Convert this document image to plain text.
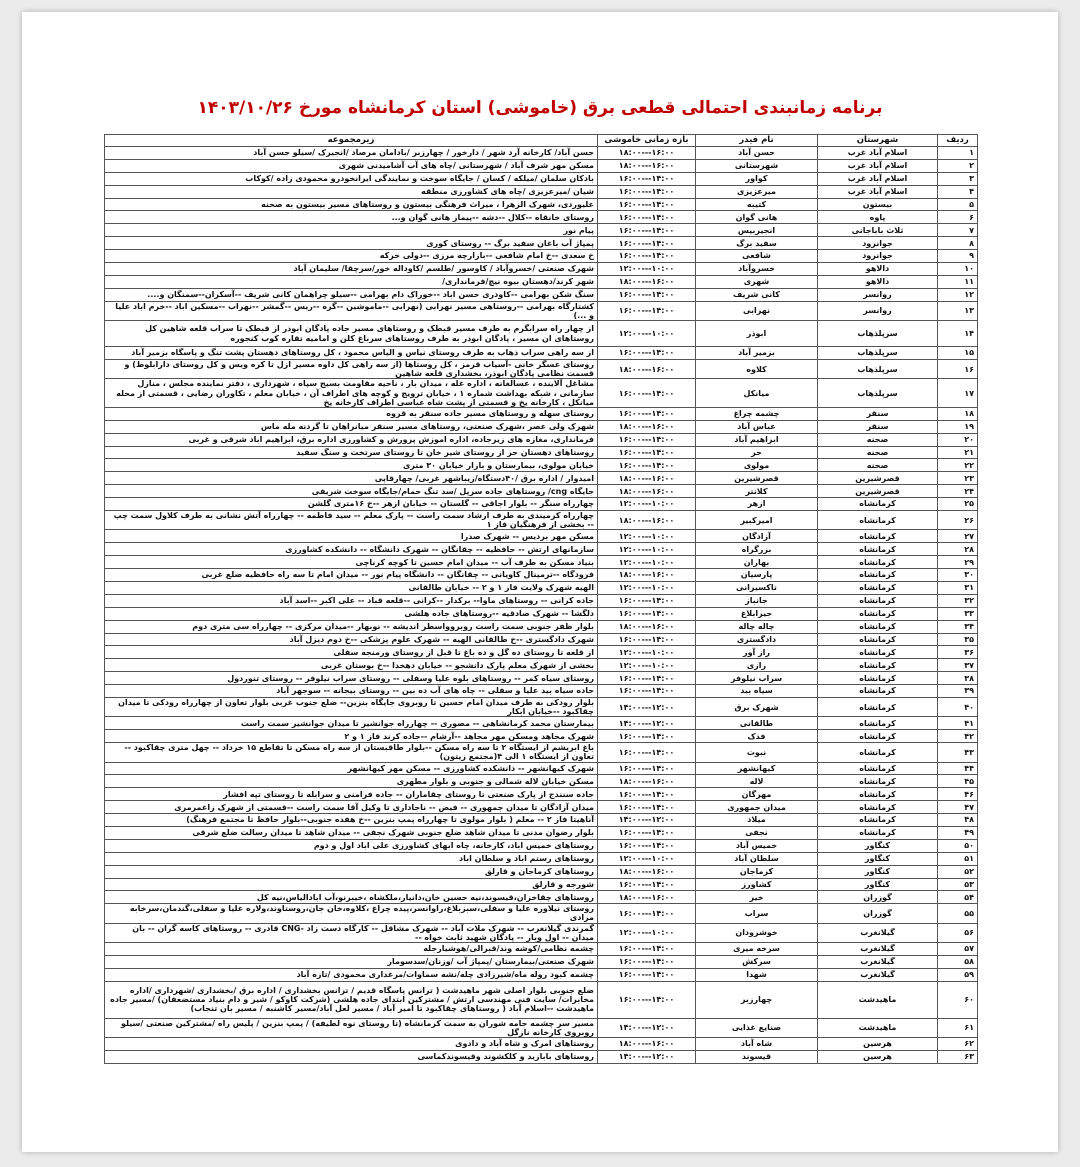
برنامه زمانبندی احتمالی قطعی برق (خاموشی) استان کرمانشاه مورخ ۱۴۰۳/۱۰/۲۶
ردیف	شهرستان	نام فیدر	بازه زمانی خاموشی	زیرمجموعه
۱	اسلام آباد غرب	حسن آباد	۱۶:۰۰---۱۸:۰۰	حسن آباد/ کارخانه آرد شهر / دارخور / چهارزبر /بادامان مرصاد /انجیرک /سیلو حسن آباد
۲	اسلام آباد غرب	شهرستانی	۱۶:۰۰---۱۸:۰۰	مسکن مهر شرف آباد / شهرستانی /چاه های آب آشامیدنی شهری
۳	اسلام آباد غرب	کواور	۱۴:۰۰---۱۶:۰۰	بادکان سلمان /میلکه / کسان / جایگاه سوخت و نمایندگی ایرانخودرو محمودی زاده /کوکاب
۴	اسلام آباد غرب	میرعزیزی	۱۴:۰۰---۱۶:۰۰	شیان /میرعزیزی /چاه های کشاورزی منطقه
۵	بیستون	کتیبه	۱۴:۰۰---۱۶:۰۰	علیوردی، شهرک الزهرا ، میراث فرهنگی بیستون و روستاهای مسیر بیستون به صحنه
۶	پاوه	هانی گوان	۱۴:۰۰---۱۶:۰۰	روستای خانقاه --کلال --دشه --پیماز هانی گوان و...
۷	ثلاث باباجانی	انجیربیس	۱۴:۰۰---۱۶:۰۰	پیام نور
۸	جوانرود	سفید برگ	۱۴:۰۰---۱۶:۰۰	پمپاژ آب باغان سفید برگ -- روستای کوری
۹	جوانرود	شافعی	۱۴:۰۰---۱۶:۰۰	خ سعدی --خ امام شافعی --بازارچه مرزی --دولی خرکه
۱۰	دالاهو	خسروآباد	۱۰:۰۰---۱۲:۰۰	شهرک صنعتی /خسروآباد / کاوسور /طلسم /کاوداله خور/سرچقا/ سلیمان آباد
۱۱	دالاهو	شهری	۱۶:۰۰---۱۸:۰۰	شهر کرند/دهستان بیوه نیچ/فرمانداری/
۱۲	روانسر	کانی شریف	۱۴:۰۰---۱۶:۰۰	سنگ شکن بهرامی --کاودری حسن اباد --خوراک دام بهرامی --سیلو چراهمان کانی شریف --آسکران--سمنگان و....
۱۳	روانسر	نهرابی	۱۴:۰۰---۱۶:۰۰	کشتارگاه بهرامی --روستاهی مسیر نهرابی (نهرابی --ماموشین --گره --ریس --گمشر --نهراب --مسکین اباد --خرم اباد علیا و ...)
۱۴	سرپلذهاب	ابوذر	۱۰:۰۰---۱۲:۰۰	از چهار راه سرابگرم به طرف مسیر قبطک و روستاهای مسیر جاده پادگان ابوذر از قبطک تا سراب قلعه شاهین کل روستاهای ان مسیر ، پادگان ابوذر به طرف روستاهای سرباغ کلن و امامیه تقاره کوب کنجوره
۱۵	سرپلذهاب	بزمیر آباد	۱۴:۰۰---۱۶:۰۰	از سه راهی سراب ذهاب به طرف روستای نیاس و الیاس محمود ، کل روستاهای دهستان پشت تنگ و پاسگاه بزمیر آباد
۱۶	سرپلذهاب	کلاوه	۱۶:۰۰---۱۸:۰۰	روستای عسگر خانی -آسیاب قرمز ، کل روستاها (از سه راهی کل داوه مسیر ازل تا کره ویس و کل روستای دارابلوط) و قسمت نظامی پادگان ابوذر، بخشداری قلعه شاهین
۱۷	سرپلذهاب	میانکل	۱۴:۰۰---۱۶:۰۰	مشاغل آلاینده ، عسالغانه ، اداره غله ، میدان بار ، ناحیه مقاومت بسیج سپاه ، شهرداری ، دفتر نماینده مجلس ، منازل سازمانی ، شبکه بهداشت شماره ۱ ، خیابان ترویج و کوچه های اطراف آن ، خیابان معلم ، تکاوران رضایی ، قسمتی از محله میانکل ، کارخانه یخ و قسمتی از پشت شاه عباسی اطراف کارخانه یخ
۱۸	سنقر	چشمه چراغ	۱۴:۰۰---۱۶:۰۰	روستای سهله و روستاهای مسیر جاده سنقر به قروه
۱۹	سنقر	عباس آباد	۱۶:۰۰---۱۸:۰۰	شهرک ولی عصر ،شهرک صنعتی، روستاهای مسیر سنقر میانراهان تا گردنه مله ماس
۲۰	صحنه	ابراهیم آباد	۱۴:۰۰---۱۶:۰۰	فرمانداری، مغازه های زیرجاده، اداره اموزش پرورش و کشاورزی اداره برق، ابراهیم اباد شرقی و غربی
۲۱	صحنه	حر	۱۴:۰۰---۱۶:۰۰	روستاهای دهستان حر از روستای شیر خان تا روستای سرتخت و سنگ سفید
۲۲	صحنه	مولوی	۱۴:۰۰---۱۶:۰۰	خیابان مولوی، بیمارستان و بازار خیابان ۳۰ متری
۲۳	قصرشیرین	قصرشیرین	۱۶:۰۰---۱۸:۰۰	امیدوار / اداره برق /۴۰دستگاه/زیباشهر غربی/ چهارقاپی
۲۴	قصرشیرین	کلانتر	۱۶:۰۰---۱۸:۰۰	جایگاه cng/ روستاهای جاده سرپل /سد تنگ حمام/جایگاه سوخت شریفی
۲۵	کرمانشاه	ازهر	۱۰:۰۰---۱۲:۰۰	چهارراه سنگر -- بلوار اجاقی -- گلستان -- خیابان ازهر --خ ۱۶متری گلشن
۲۶	کرمانشاه	امیرکبیر	۱۶:۰۰---۱۸:۰۰	چهارراه کرمیندی به طرف ارشاد سمت راست -- پارک معلم -- سید فاطمه -- چهارراه آتش نشانی به طرف کلاول سمت چپ -- بخشی از فرهنگیان فاز ۱
۲۷	کرمانشاه	آزادگان	۱۰:۰۰---۱۲:۰۰	مسکن مهر بردیس -- شهرک صدرا
۲۸	کرمانشاه	بزرگراه	۱۰:۰۰---۱۲:۰۰	سازمانهای ارتش -- حافظیه -- چقانگان -- شهرک دانشگاه -- دانشکده کشاورزی
۲۹	کرمانشاه	بهاران	۱۰:۰۰---۱۲:۰۰	بنیاد مسکن به طرف آب -- میدان امام حسین تا کوچه کرناچی
۳۰	کرمانشاه	پارسیان	۱۶:۰۰---۱۸:۰۰	فرودگاه --ترمینال کاویانی -- چقانگان -- دانشگاه پیام نور -- میدان امام تا سه راه حافظیه ضلع غربی
۳۱	کرمانشاه	تاکسیرانی	۱۰:۰۰---۱۲:۰۰	الهیه شهرک ولایت فاز ۱ و ۲ -- خیابان طالقانی
۳۲	کرمانشاه	جانباز	۱۴:۰۰---۱۶:۰۰	جاده کرانی -- روستاهای ماوا-- برکدار --کرانی --قلعه قباد -- علی اکبر --اسد آباد
۳۳	کرمانشاه	جیرابلاغ	۱۴:۰۰---۱۶:۰۰	دلگشا -- شهرک صادقیه --روستاهای جاده هلشی
۳۴	کرمانشاه	چاله چاله	۱۶:۰۰---۱۸:۰۰	بلوار ظفر جنوبی سمت راست روبروواسطر اندیشه -- نوبهار --میدان مرکزی -- چهارراه سی متری دوم
۳۵	کرمانشاه	دادگستری	۱۴:۰۰---۱۶:۰۰	شهرک دادگستری --خ طالقانی الهیه -- شهرک علوم پزشکی --خ دوم دیزل آباد
۳۶	کرمانشاه	راز آور	۱۰:۰۰---۱۲:۰۰	از قلعه تا روستای ده گل و ده باغ تا قبل از روستای ورمنجه سفلی
۳۷	کرمانشاه	رازی	۱۰:۰۰---۱۲:۰۰	بخشی از شهرک معلم پارک دانشجو -- خیابان دهخدا --خ بوستان غربی
۳۸	کرمانشاه	سراب نیلوفر	۱۴:۰۰---۱۶:۰۰	روستای سیاه کمر -- روستاهای بلوه علیا وسفلی -- روستای سراب نیلوفر -- روستای تنوردول
۳۹	کرمانشاه	سیاه بید	۱۴:۰۰---۱۶:۰۰	جاده سیاه بید علیا و سفلی -- چاه های آب ده بین -- روستای بیجانه -- سوجهر آباد
۴۰	کرمانشاه	شهرک برق	۱۲:۰۰---۱۴:۰۰	بلوار رودکی به طرف میدان امام حسین تا روبروی جایگاه بنزین-- ضلع جنوب غربی بلوار تعاون از چهارراه رودکی تا میدان چقاکبود --خیابان ابکار
۴۱	کرمانشاه	طالقانی	۱۲:۰۰---۱۴:۰۰	بیمارستان محمد کرمانشاهی -- مصوری -- چهارراه جوانشیر تا میدان جوانشیر سمت راست
۴۲	کرمانشاه	فدک	۱۴:۰۰---۱۶:۰۰	شهرک مجاهد ومسکن مهر مجاهد --آرشام --جاده کرند فاز ۱ و ۲
۴۳	کرمانشاه	نبوت	۱۴:۰۰---۱۶:۰۰	باغ ابریشم از ایستگاه ۲ تا سه راه مسکن --بلوار طاقبستان از سه راه مسکن تا تقاطع ۱۵ خرداد -- چهل متری چقاکبود -- تعاون از ایستگاه ۱ الی ۴(مجتمع زیتون)
۴۴	کرمانشاه	کیهانشهر	۱۴:۰۰---۱۶:۰۰	شهرک کیهانشهر -- دانشکده کشاورزی -- مسکن مهر کیهانشهر
۴۵	کرمانشاه	لاله	۱۶:۰۰---۱۸:۰۰	مسکن خیابان لاله شمالی و جنوبی و بلوار مطهری
۴۶	کرمانشاه	مهرگان	۱۴:۰۰---۱۶:۰۰	جاده سنندج از پارک صنعتی تا روستای چقاماران -- جاده فرامنی و سرابله تا روستای تپه افشار
۴۷	کرمانشاه	میدان جمهوری	۱۴:۰۰---۱۶:۰۰	میدان آزادگان تا میدان جمهوری -- فیض -- ناجاداری تا وکیل آقا سمت راست --قسمتی از شهرک زاغمرمری
۴۸	کرمانشاه	میلاد	۱۲:۰۰---۱۴:۰۰	آناهیتا فاز ۲ -- معلم ( بلوار مولوی تا چهارراه پمپ بنزین --خ هفده جنوبی--بلوار حافظ تا مجتمع فرهنگ)
۴۹	کرمانشاه	نجفی	۱۴:۰۰---۱۶:۰۰	بلوار رضوان مدنی تا میدان شاهد ضلع جنوبی شهرک نجفی -- میدان شاهد تا میدان رسالت ضلع شرقی
۵۰	کنگاور	خمیس آباد	۱۴:۰۰---۱۶:۰۰	روستاهای خمیس اباد، کارخانه، چاه ابهای کشاورزی علی اباد اول و دوم
۵۱	کنگاور	سلطان آباد	۱۰:۰۰---۱۲:۰۰	روستاهای رستم اباد و سلطان اباد
۵۲	کنگاور	کرماجان	۱۶:۰۰---۱۸:۰۰	روستاهای کرماجان و قارلق
۵۳	کنگاور	کشاورز	۱۴:۰۰---۱۶:۰۰	شورجه و قارلق
۵۴	گوزران	خیر	۱۶:۰۰---۱۸:۰۰	روستاهای چقاخزان،قیسوند،نیه حسین خان،دانیار،ملکشاه ،خیبرنو،آب ابادالیاس،نیه کل
۵۵	گوزران	سراب	۱۴:۰۰---۱۶:۰۰	روستای نیلاوره علیا و سفلی،سبزبلاغ،راوانسر،پیده چراغ ،کلاوه،خان جان،روستاوند،ولاره علیا و سفلی،گندمان،سرخابه مرادی
۵۶	گیلانغرب	خوشرودان	۱۰:۰۰---۱۲:۰۰	گمرندی گیلانغرب -- شهرک ملات آباد -- شهرک مشاقل -- کارگاه دست زاد -CNG قادری -- روستاهای کاسه گران -- بان میدان -- اول وبار -- پادگان شهید ثابت خواه --
۵۷	گیلانغرب	سرخه میری	۱۴:۰۰---۱۶:۰۰	چشمه نظامی/کوشه وند/قبرالی/هوشیارجله
۵۸	گیلانغرب	سرکش	۱۴:۰۰---۱۶:۰۰	شهرک صنعتی/بیمارستان /پمپاژ آب /وزنان/سدسومار
۵۹	گیلانغرب	شهدا	۱۴:۰۰---۱۶:۰۰	چشمه کبود روله ماه/شیرزادی چله/نشه سماوات/مرغداری محمودی /تازه آباد
۶۰	ماهیدشت	چهارزبر	۱۴:۰۰---۱۶:۰۰	ضلع جنوبی بلوار اصلی شهر ماهیدشت ( ترانس پاسگاه قدیم / ترانس بخشداری / اداره برق /بخشداری /شهرداری /اداره مخابرات/ سایت فنی مهندسی ارتش / مشترکین ابتدای جاده هلشی (شرکت کاوکو / شیر و دام بنیاد مستضعفان) /مسیر جاده ماهیدشت --اسلام آباد ( روستاهای چقاکبود تا امیر آباد / مسیر لعل آباد/مسیر کاشنبه / مسیر بان تنجاب)
۶۱	ماهیدشت	صنایع غذایی	۱۲:۰۰---۱۴:۰۰	مسیر سر چشمه جامه شوران به سمت کرمانشاه (تا روستای نوه لطیفه) / پمپ بنزین / پلیس راه /مشترکین صنعتی /سیلو روبروی کارخانه نازگل
۶۲	هرسین	شاه آباد	۱۶:۰۰---۱۸:۰۰	روستاهای امرک و شاه آباد و دادوی
۶۳	هرسین	قیسوند	۱۲:۰۰---۱۴:۰۰	روستاهای بابازید و کلکشوند وقیسوندکماسی
